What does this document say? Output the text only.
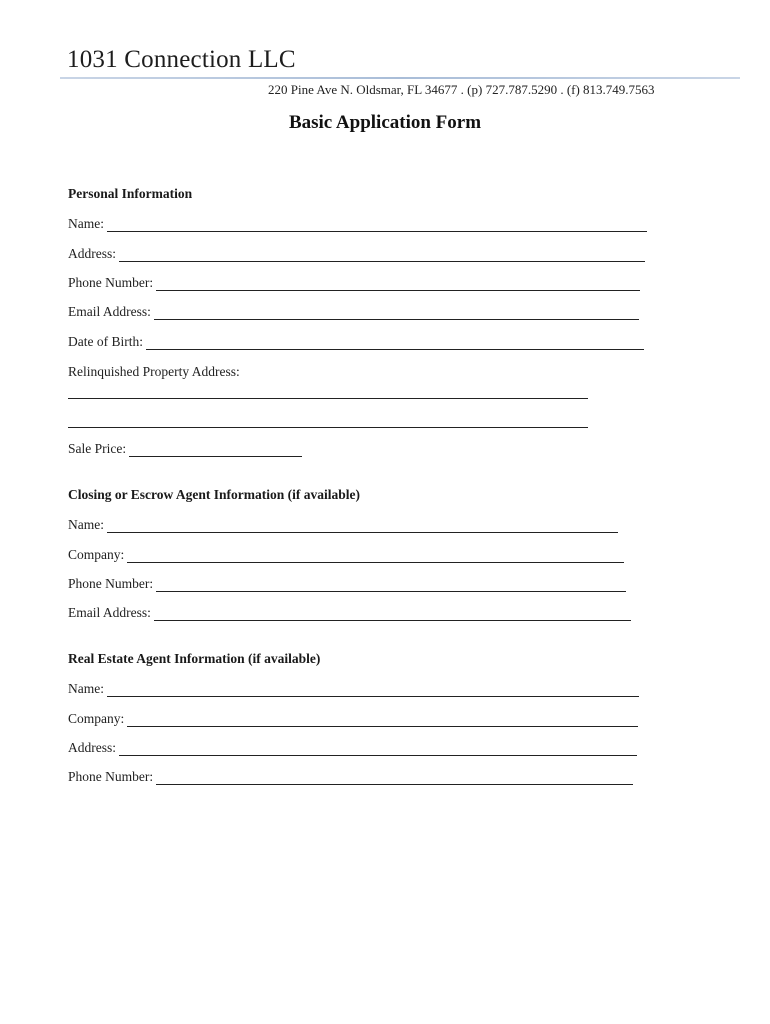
1031 Connection LLC
220 Pine Ave N. Oldsmar, FL 34677 . (p) 727.787.5290 . (f) 813.749.7563
Basic Application Form
Personal Information
Name:
Address:
Phone Number:
Email Address:
Date of Birth:
Relinquished Property Address:
Sale Price:
Closing or Escrow Agent Information (if available)
Name:
Company:
Phone Number:
Email Address:
Real Estate Agent Information (if available)
Name:
Company:
Address:
Phone Number:
